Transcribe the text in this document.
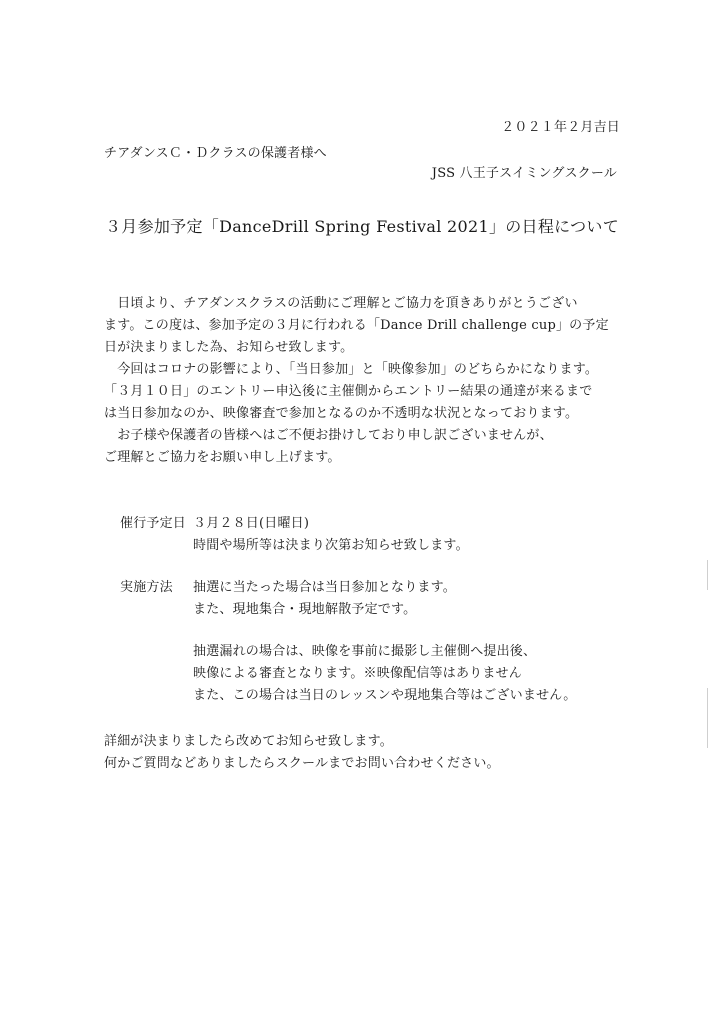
２０２１年２月吉日
チアダンスＣ・Ｄクラスの保護者様へ
JSS 八王子スイミングスクール
３月参加予定「DanceDrill Spring Festival 2021」の日程について
　日頃より、チアダンスクラスの活動にご理解とご協力を頂きありがとうござい
ます。この度は、参加予定の３月に行われる「Dance Drill challenge cup」の予定
日が決まりました為、お知らせ致します。
　今回はコロナの影響により、「当日参加」と「映像参加」のどちらかになります。
「３月１０日」のエントリー申込後に主催側からエントリー結果の通達が来るまで
は当日参加なのか、映像審査で参加となるのか不透明な状況となっております。
　お子様や保護者の皆様へはご不便お掛けしており申し訳ございませんが、
ご理解とご協力をお願い申し上げます。
催行予定日 ３月２８日(日曜日)
時間や場所等は決まり次第お知らせ致します。
実施方法 抽選に当たった場合は当日参加となります。
また、現地集合・現地解散予定です。
抽選漏れの場合は、映像を事前に撮影し主催側へ提出後、
映像による審査となります。※映像配信等はありません
また、この場合は当日のレッスンや現地集合等はございません。
詳細が決まりましたら改めてお知らせ致します。
何かご質問などありましたらスクールまでお問い合わせください。
